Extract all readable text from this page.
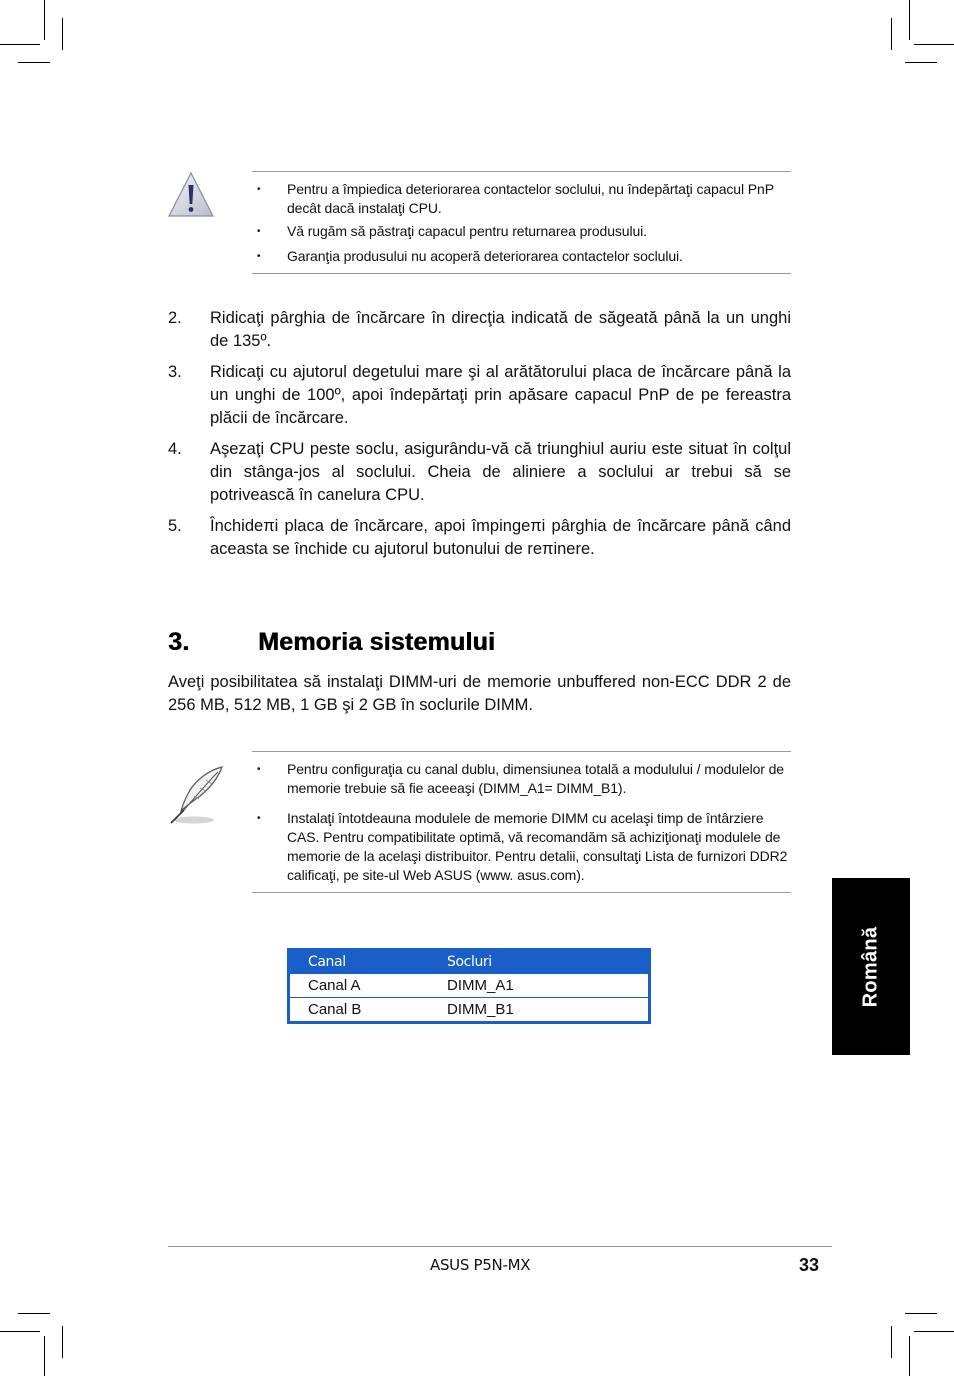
• Pentru a împiedica deteriorarea contactelor soclului, nu îndepărtaţi capacul PnP decât dacă instalaţi CPU.
• Vă rugăm să păstraţi capacul pentru returnarea produsului.
• Garanţia produsului nu acoperă deteriorarea contactelor soclului.
2. Ridicaţi pârghia de încărcare în direcţia indicată de săgeată până la un unghi de 135º.
3. Ridicaţi cu ajutorul degetului mare şi al arătătorului placa de încărcare până la un unghi de 100º, apoi îndepărtaţi prin apăsare capacul PnP de pe fereastra plăcii de încărcare.
4. Aşezaţi CPU peste soclu, asigurându-vă că triunghiul auriu este situat în colţul din stânga-jos al soclului. Cheia de aliniere a soclului ar trebui să se potrivească în canelura CPU.
5. Închideπi placa de încărcare, apoi împingeπi pârghia de încărcare până când aceasta se închide cu ajutorul butonului de reπinere.
3.	Memoria sistemului
Aveţi posibilitatea să instalaţi DIMM-uri de memorie unbuffered non-ECC DDR 2 de 256 MB, 512 MB, 1 GB şi 2 GB în soclurile DIMM.
• Pentru configuraţia cu canal dublu, dimensiunea totală a modulului / modulelor de memorie trebuie să fie aceeaşi (DIMM_A1= DIMM_B1).
• Instalaţi întotdeauna modulele de memorie DIMM cu acelaşi timp de întârziere CAS. Pentru compatibilitate optimă, vă recomandăm să achiziţionaţi modulele de memorie de la acelaşi distribuitor. Pentru detalii, consultaţi Lista de furnizori DDR2 calificaţi, pe site-ul Web ASUS (www. asus.com).
Canal	Socluri
Canal A	DIMM_A1
Canal B	DIMM_B1
Română
ASUS P5N-MX	33
